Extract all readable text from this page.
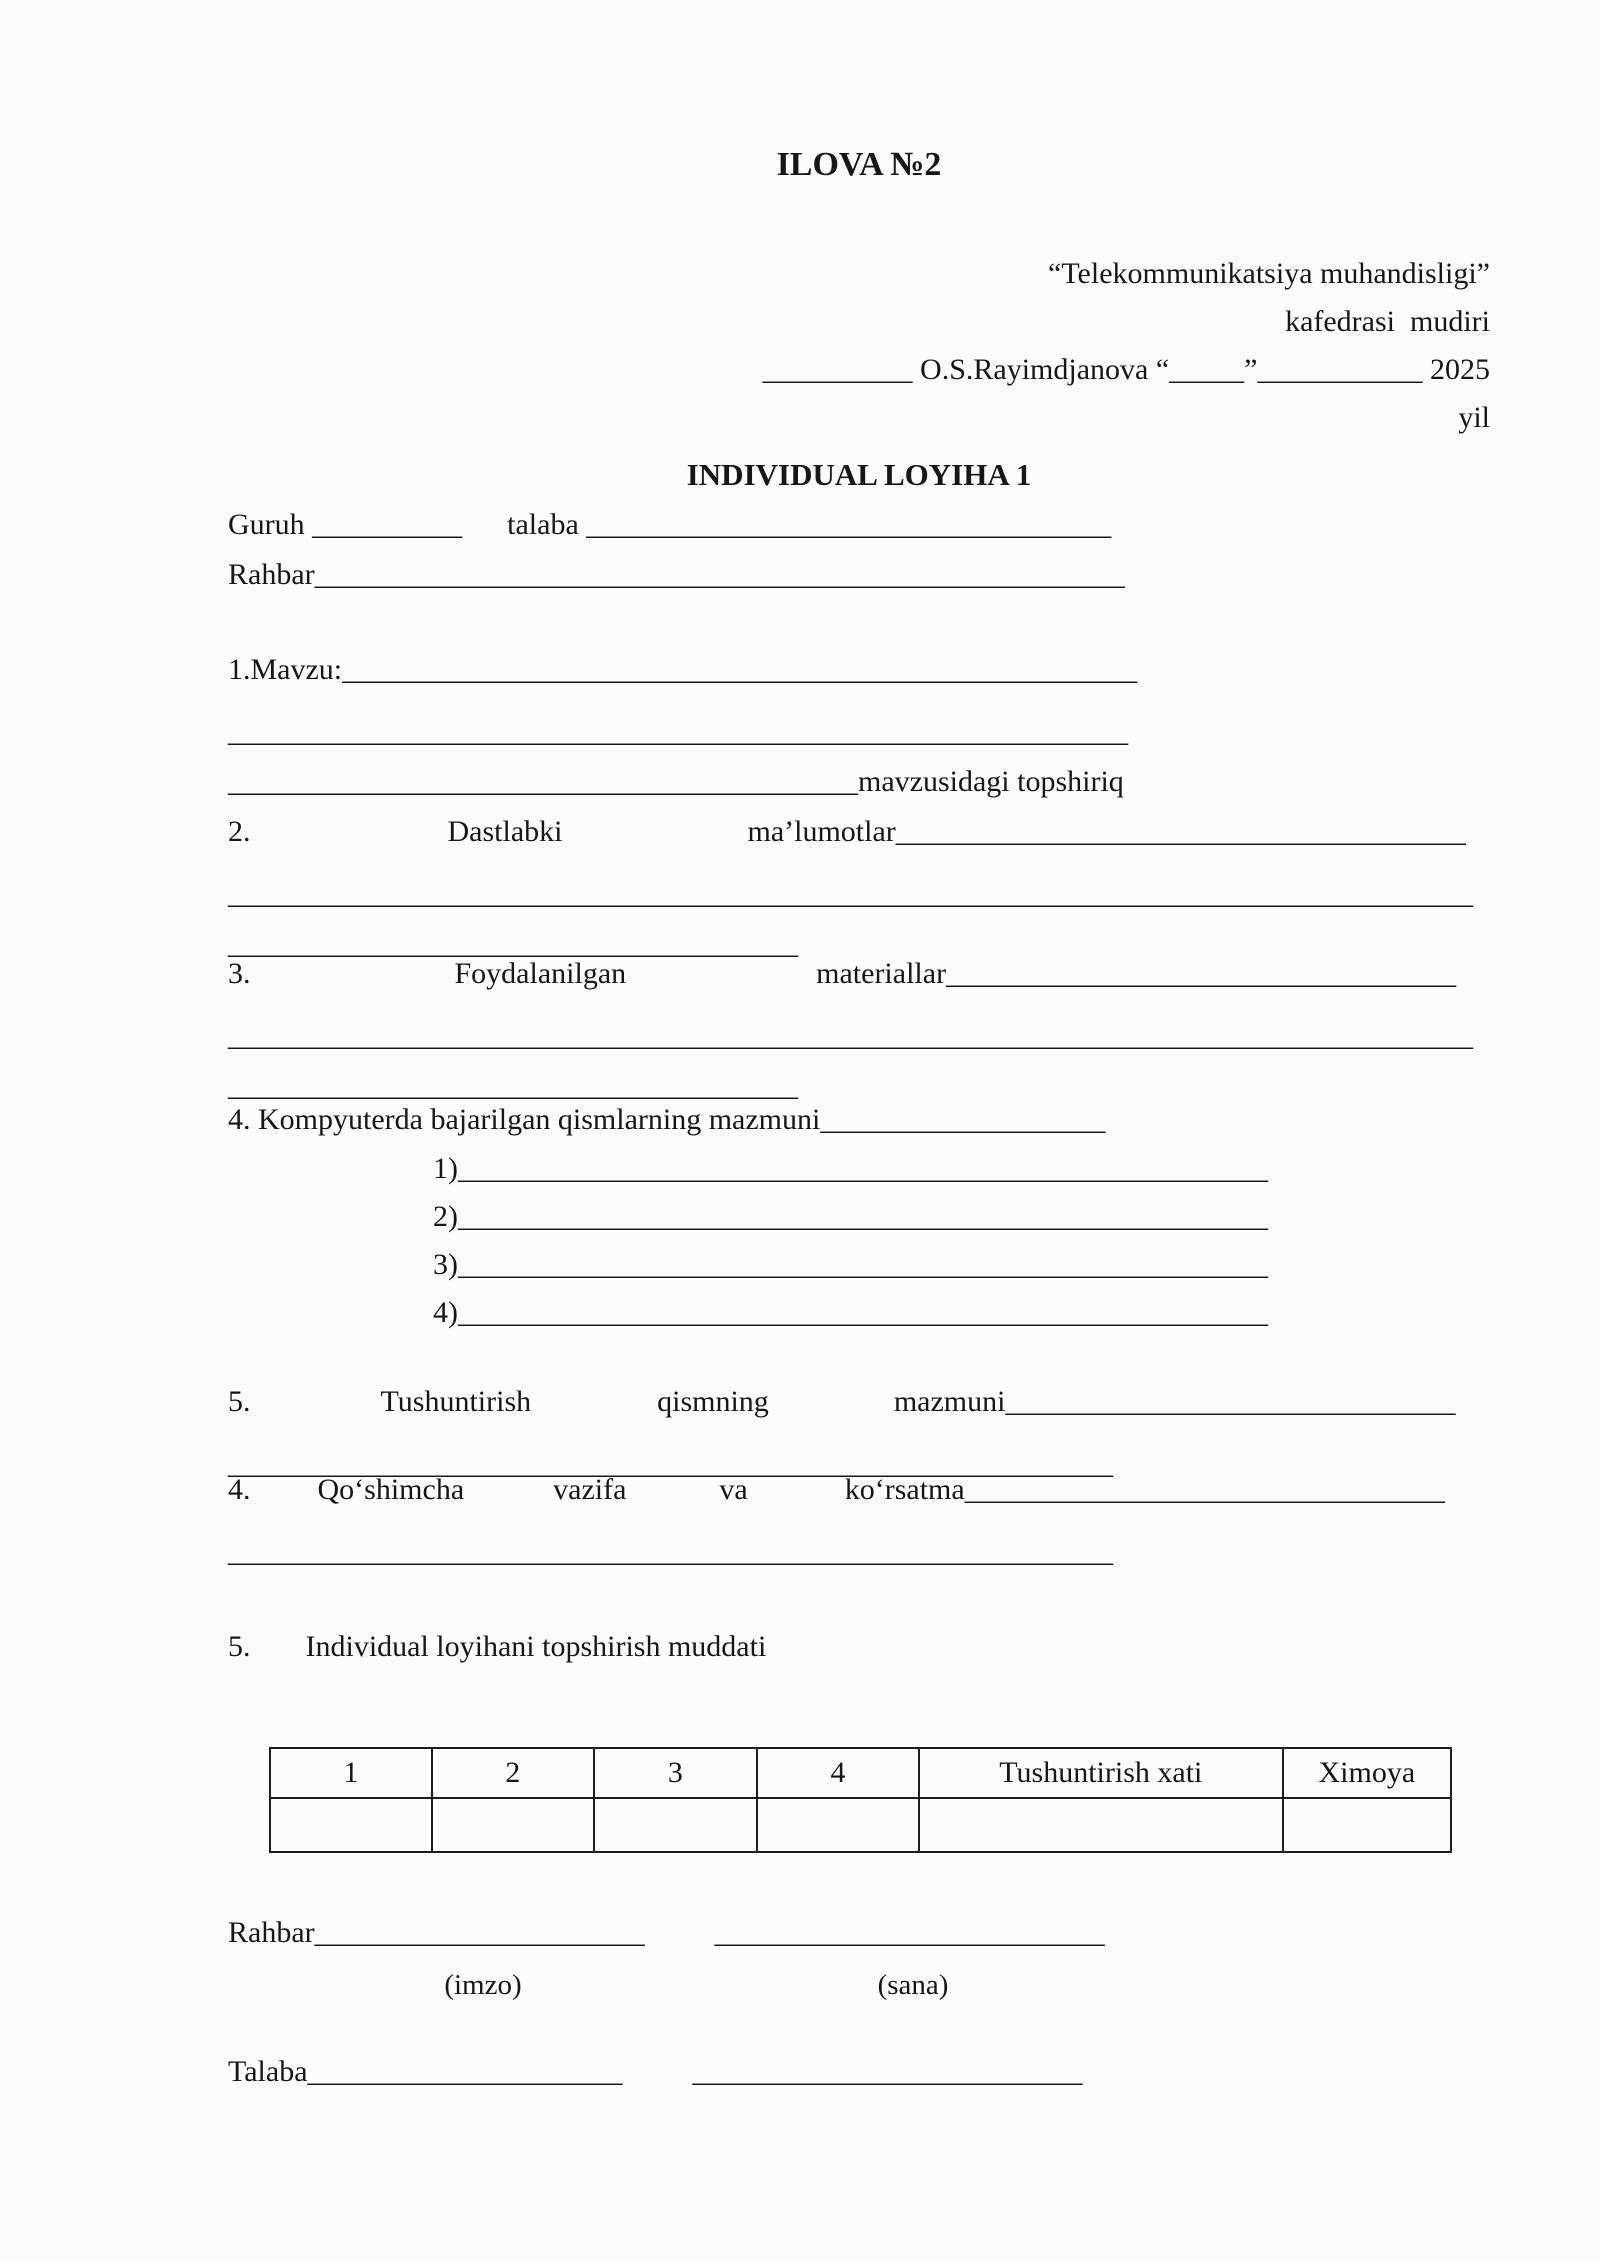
ILOVA №2
“Telekommunikatsiya muhandisligi”
kafedrasi  mudiri
__________ O.S.Rayimdjanova “_____”___________ 2025
yil
INDIVIDUAL LOYIHA 1
Guruh __________ talaba ___________________________________
Rahbar______________________________________________________
1.Mavzu:_____________________________________________________
____________________________________________________________
__________________________________________mavzusidagi topshiriq
2.	Dastlabki	ma’lumotlar______________________________________
___________________________________________________________________________________
______________________________________
3.	Foydalanilgan	materiallar__________________________________
___________________________________________________________________________________
______________________________________
4. Kompyuterda bajarilgan qismlarning mazmuni___________________
1)______________________________________________________
2)______________________________________________________
3)______________________________________________________
4)______________________________________________________
5.	Tushuntirish	qismning	mazmuni______________________________
___________________________________________________________
4. Qo‘shimcha	vazifa	va	ko‘rsatma________________________________
___________________________________________________________
5. Individual loyihani topshirish muddati
1	2	3	4	Tushuntirish xati	Ximoya

Rahbar______________________ __________________________
(imzo)	(sana)
Talaba_____________________ __________________________
